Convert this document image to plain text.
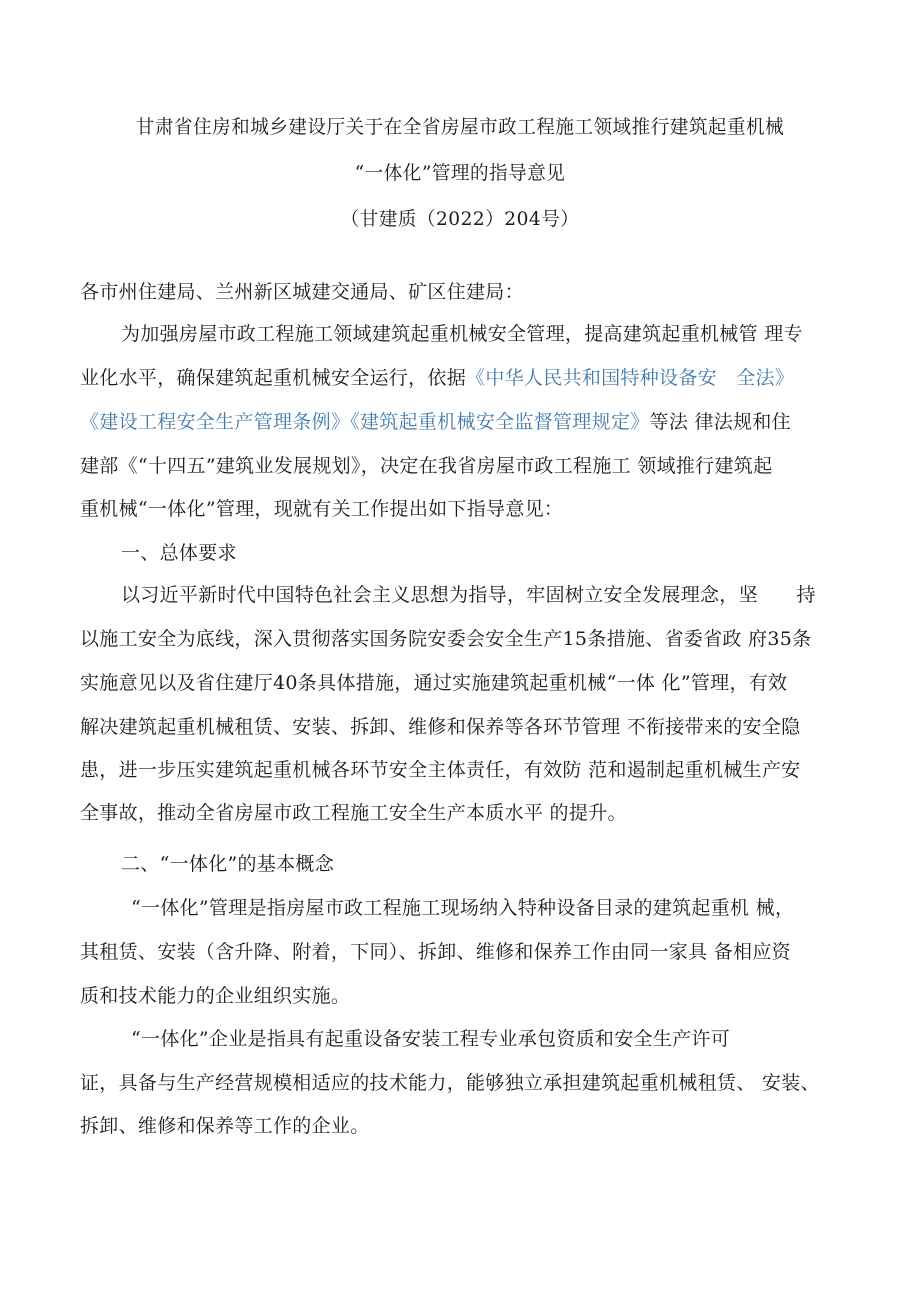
甘肃省住房和城乡建设厅关于在全省房屋市政工程施工领域推行建筑起重机械
“一体化”管理的指导意见
（甘建质（2022）204号）
各市州住建局、兰州新区城建交通局、矿区住建局：
为加强房屋市政工程施工领域建筑起重机械安全管理，提高建筑起重机械管 理专
业化水平，确保建筑起重机械安全运行，依据《中华人民共和国特种设备安　全法》
《建设工程安全生产管理条例》《建筑起重机械安全监督管理规定》等法 律法规和住
建部《“十四五”建筑业发展规划》，决定在我省房屋市政工程施工 领域推行建筑起
重机械“一体化”管理，现就有关工作提出如下指导意见：
一、总体要求
以习近平新时代中国特色社会主义思想为指导，牢固树立安全发展理念，坚　　持
以施工安全为底线，深入贯彻落实国务院安委会安全生产15条措施、省委省政 府35条
实施意见以及省住建厅40条具体措施，通过实施建筑起重机械“一体 化”管理，有效
解决建筑起重机械租赁、安装、拆卸、维修和保养等各环节管理 不衔接带来的安全隐
患，进一步压实建筑起重机械各环节安全主体责任，有效防 范和遏制起重机械生产安
全事故，推动全省房屋市政工程施工安全生产本质水平 的提升。
二、“一体化”的基本概念
“一体化”管理是指房屋市政工程施工现场纳入特种设备目录的建筑起重机 械，
其租赁、安装（含升降、附着，下同）、拆卸、维修和保养工作由同一家具 备相应资
质和技术能力的企业组织实施。
“一体化”企业是指具有起重设备安装工程专业承包资质和安全生产许可
证，具备与生产经营规模相适应的技术能力，能够独立承担建筑起重机械租赁、 安装、
拆卸、维修和保养等工作的企业。
